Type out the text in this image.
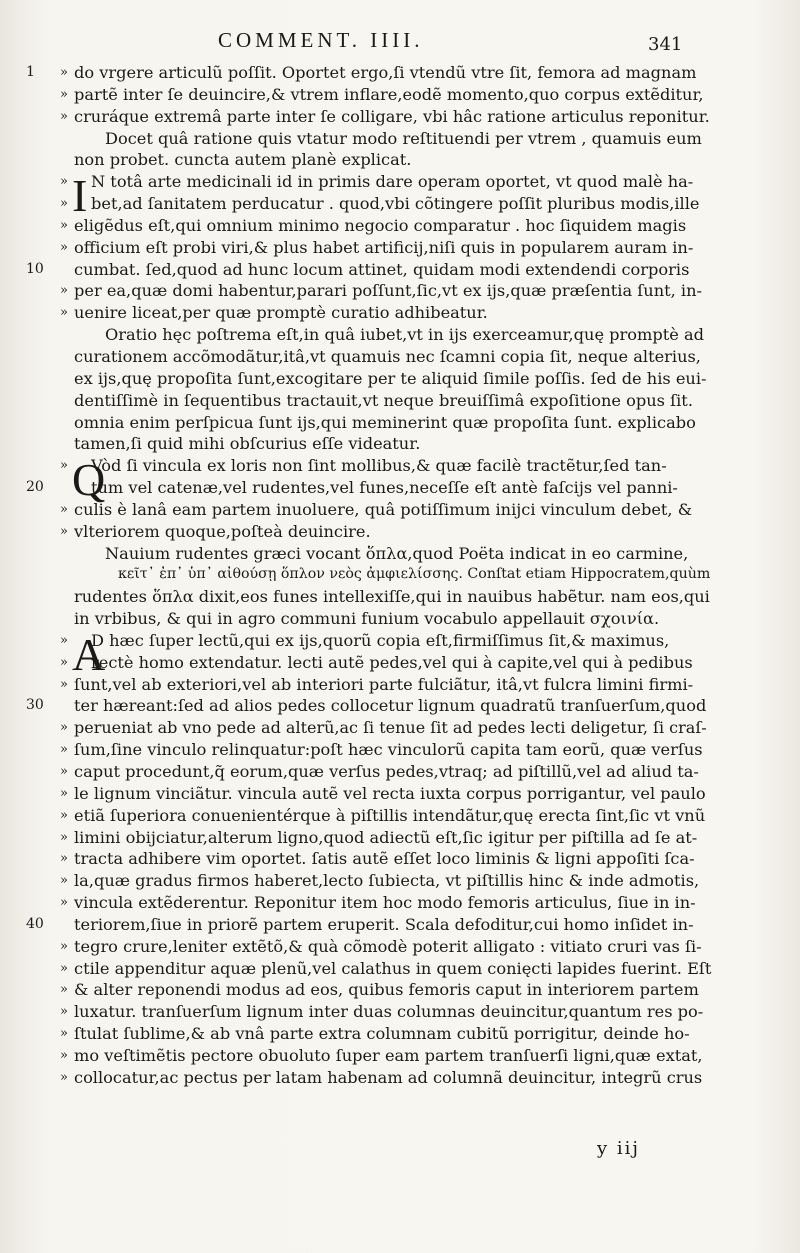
COMMENT. IIII.	341
1	» do vrgere articulũ poſſit. Oportet ergo,ſi vtendũ vtre ſit, femora ad magnam
» partẽ inter ſe deuincire,& vtrem inflare,eodẽ momento,quo corpus extẽditur,
» cruráque extremâ parte inter ſe colligare, vbi hâc ratione articulus reponitur.
Docet quâ ratione quis vtatur modo reſtituendi per vtrem , quamuis eum
non probet. cuncta autem planè explicat.
» I N totâ arte medicinali id in primis dare operam oportet, vt quod malè ha-
»	bet,ad ſanitatem perducatur . quod,vbi cõtingere poſſit pluribus modis,ille
» eligẽdus eſt,qui omnium minimo negocio comparatur . hoc ſiquidem magis
» officium eſt probi viri,& plus habet artificij,niſi quis in popularem auram in-
10 cumbat. ſed,quod ad hunc locum attinet, quidam modi extendendi corporis
» per ea,quæ domi habentur,parari poſſunt,ſic,vt ex ijs,quæ præſentia ſunt, in-
» uenire liceat,per quæ promptè curatio adhibeatur.
Oratio hęc poſtrema eſt,in quâ iubet,vt in ijs exerceamur,quę promptè ad
curationem accõmodãtur,itâ,vt quamuis nec ſcamni copia ſit, neque alterius,
ex ijs,quę propoſita ſunt,excogitare per te aliquid ſimile poſſis. ſed de his eui-
dentiſſimè in ſequentibus tractauit,vt neque breuiſſimâ expoſitione opus ſit.
omnia enim perſpicua ſunt ijs,qui meminerint quæ propoſita ſunt. explicabo
tamen,ſi quid mihi obſcurius eſſe videatur.
» Q
Vòd ſi vincula ex loris non ſint mollibus,& quæ facilè tractẽtur,ſed tan-
20	tùm vel catenæ,vel rudentes,vel funes,neceſſe eſt antè faſcijs vel panni-
» culis è lanâ eam partem inuoluere, quâ potiſſimum inijci vinculum debet, &
» vlteriorem quoque,poſteà deuincire.
Nauium rudentes græci vocant ὅπλα,quod Poëta indicat in eo carmine,
κεῖτ᾽ ἐπ᾽ ὑπ᾽ αἰθούσῃ ὅπλον νεὸς ἀμφιελίσσης. Conſtat etiam Hippocratem,quùm
rudentes ὅπλα dixit,eos funes intellexiſſe,qui in nauibus habẽtur. nam eos,qui
in vrbibus, & qui in agro communi funium vocabulo appellauit σχοινία.
» A
D hæc ſuper lectũ,qui ex ijs,quorũ copia eſt,firmiſſimus ſit,& maximus,
»	rectè homo extendatur. lecti autẽ pedes,vel qui à capite,vel qui à pedibus
» ſunt,vel ab exteriori,vel ab interiori parte fulciãtur, itâ,vt fulcra limini firmi-
30 ter hæreant:ſed ad alios pedes collocetur lignum quadratũ tranſuerſum,quod
» perueniat ab vno pede ad alterũ,ac ſi tenue ſit ad pedes lecti deligetur, ſi craſ-
» ſum,ſine vinculo relinquatur:poſt hæc vinculorũ capita tam eorũ, quæ verſus
» caput procedunt,q̃ eorum,quæ verſus pedes,vtraq; ad piſtillũ,vel ad aliud ta-
» le lignum vinciãtur. vincula autẽ vel recta iuxta corpus porrigantur, vel paulo
» etiã ſuperiora conuenientérque à piſtillis intendãtur,quę erecta ſint,ſic vt vnũ
» limini obijciatur,alterum ligno,quod adiectũ eſt,ſic igitur per piſtilla ad ſe at-
» tracta adhibere vim oportet. ſatis autẽ eſſet loco liminis & ligni appoſiti ſca-
» la,quæ gradus firmos haberet,lecto ſubiecta, vt piſtillis hinc & inde admotis,
» vincula extẽderentur. Reponitur item hoc modo femoris articulus, ſiue in in-
40 teriorem,ſiue in priorẽ partem eruperit. Scala defoditur,cui homo inſidet in-
» tegro crure,leniter extẽtõ,& quà cõmodè poterit alligato : vitiato cruri vas ſi-
» ctile appenditur aquæ plenũ,vel calathus in quem conięcti lapides fuerint. Eſt
» & alter reponendi modus ad eos, quibus femoris caput in interiorem partem
» luxatur. tranſuerſum lignum inter duas columnas deuincitur,quantum res po-
» ſtulat ſublime,& ab vnâ parte extra columnam cubitũ porrigitur, deinde ho-
» mo veſtimẽtis pectore obuoluto ſuper eam partem tranſuerſi ligni,quæ extat,
» collocatur,ac pectus per latam habenam ad columnã deuincitur, integrũ crus
y iij
